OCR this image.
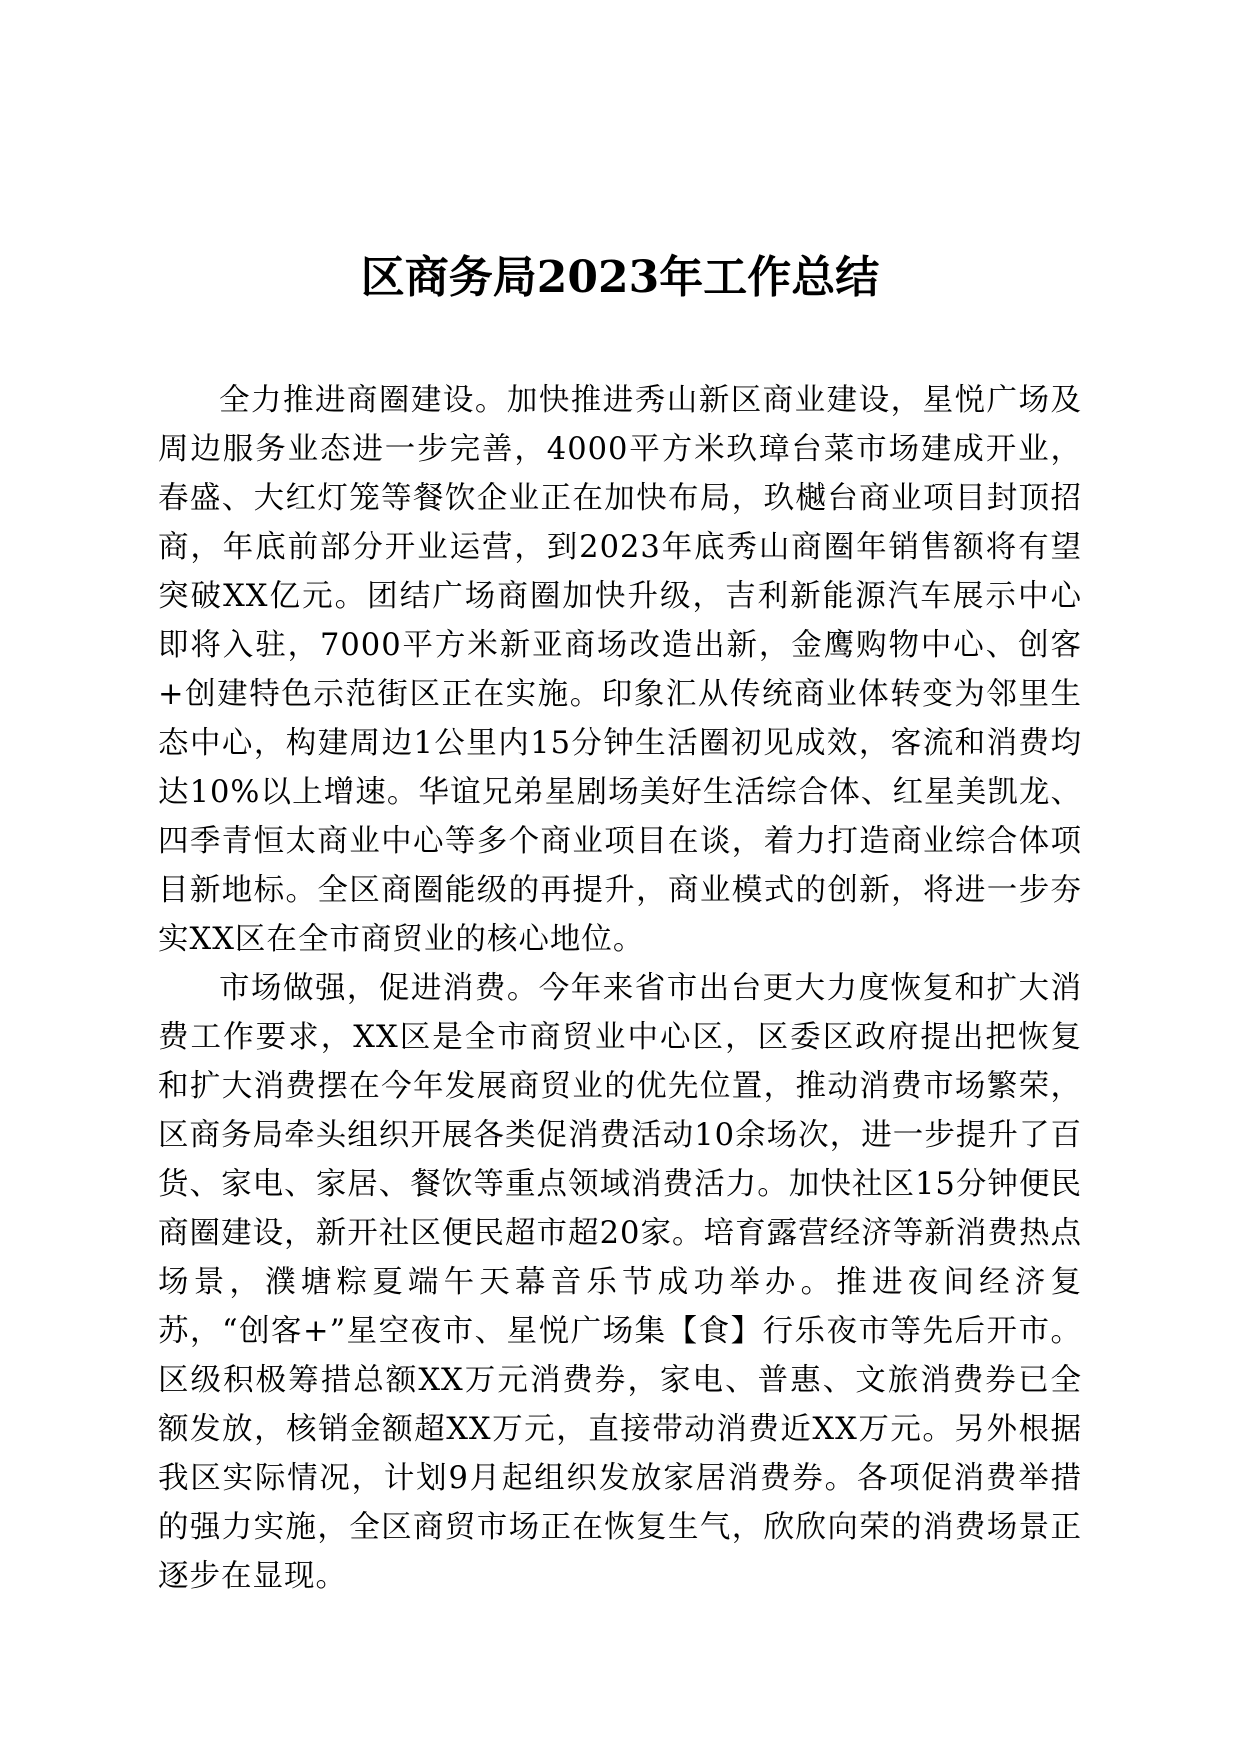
区商务局2023年工作总结

全力推进商圈建设。加快推进秀山新区商业建设，星悦广场及周边服务业态进一步完善，4000平方米玖璋台菜市场建成开业，春盛、大红灯笼等餐饮企业正在加快布局，玖樾台商业项目封顶招商，年底前部分开业运营，到2023年底秀山商圈年销售额将有望突破XX亿元。团结广场商圈加快升级，吉利新能源汽车展示中心即将入驻，7000平方米新亚商场改造出新，金鹰购物中心、创客+创建特色示范街区正在实施。印象汇从传统商业体转变为邻里生态中心，构建周边1公里内15分钟生活圈初见成效，客流和消费均达10%以上增速。华谊兄弟星剧场美好生活综合体、红星美凯龙、四季青恒太商业中心等多个商业项目在谈，着力打造商业综合体项目新地标。全区商圈能级的再提升，商业模式的创新，将进一步夯实XX区在全市商贸业的核心地位。

市场做强，促进消费。今年来省市出台更大力度恢复和扩大消费工作要求，XX区是全市商贸业中心区，区委区政府提出把恢复和扩大消费摆在今年发展商贸业的优先位置，推动消费市场繁荣，区商务局牵头组织开展各类促消费活动10余场次，进一步提升了百货、家电、家居、餐饮等重点领域消费活力。加快社区15分钟便民商圈建设，新开社区便民超市超20家。培育露营经济等新消费热点场景，濮塘粽夏端午天幕音乐节成功举办。推进夜间经济复苏，“创客+”星空夜市、星悦广场集【食】行乐夜市等先后开市。区级积极筹措总额XX万元消费券，家电、普惠、文旅消费券已全额发放，核销金额超XX万元，直接带动消费近XX万元。另外根据我区实际情况，计划9月起组织发放家居消费券。各项促消费举措的强力实施，全区商贸市场正在恢复生气，欣欣向荣的消费场景正逐步在显现。
